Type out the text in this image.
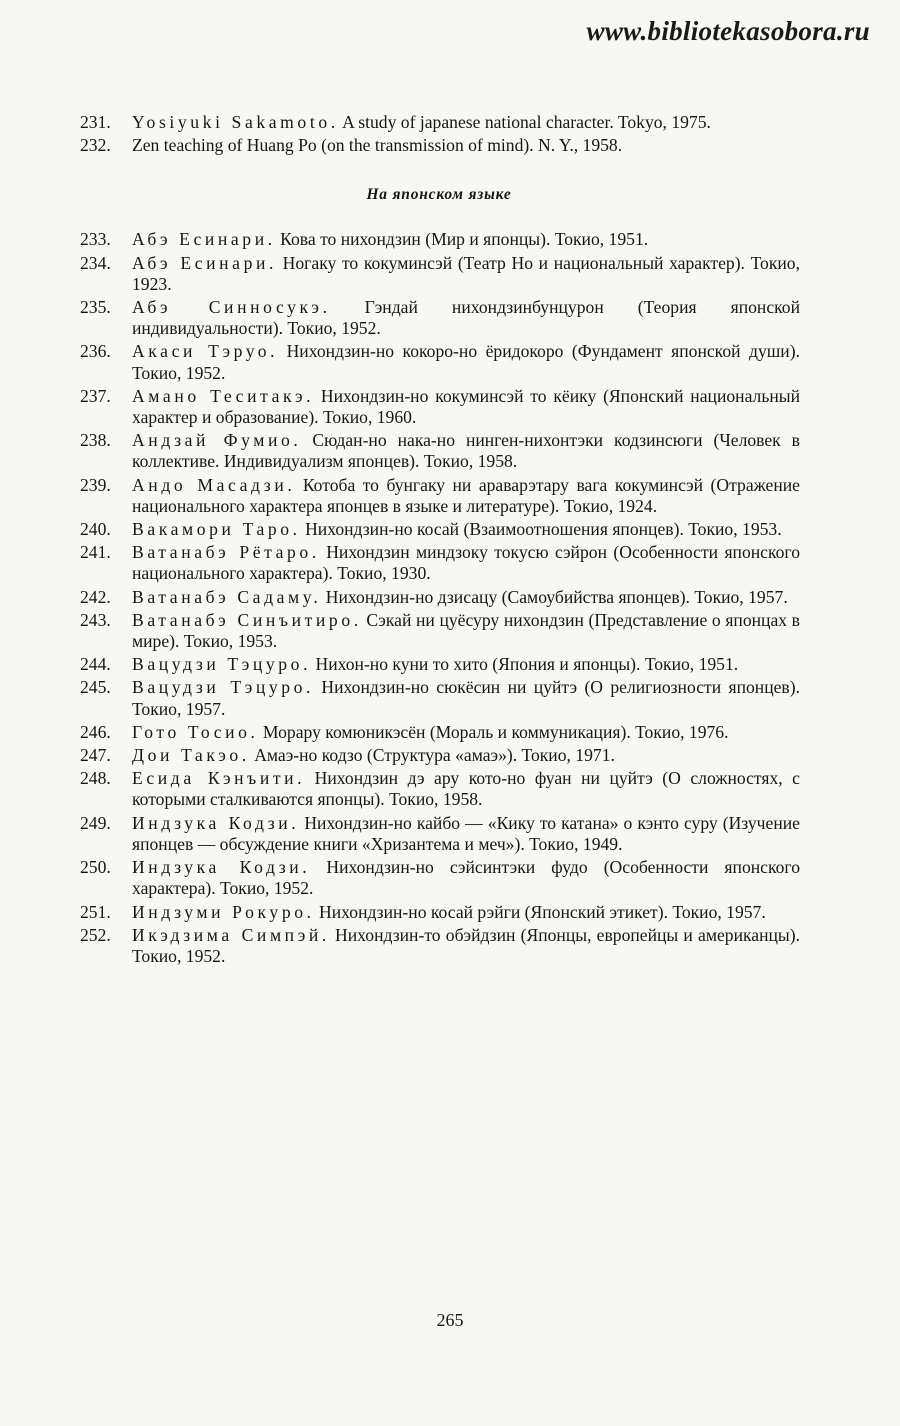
www.bibliotekasobora.ru
231.	Yosiyuki Sakamoto. A study of japanese national character. Tokyo, 1975.
232.	Zen teaching of Huang Po (on the transmission of mind). N. Y., 1958.
На японском языке
233.	Абэ Есинари. Кова то нихондзин (Мир и японцы). Токио, 1951.
234.	Абэ Есинари. Ногаку то кокуминсэй (Театр Но и национальный характер). Токио, 1923.
235.	Абэ Синносукэ. Гэндай нихондзинбунцурон (Теория японской индивидуальности). Токио, 1952.
236.	Акаси Тэруо. Нихондзин-но кокоро-но ёридокоро (Фундамент японской души). Токио, 1952.
237.	Амано Теситакэ. Нихондзин-но кокуминсэй то кёику (Японский национальный характер и образование). Токио, 1960.
238.	Андзай Фумио. Сюдан-но нака-но нинген-нихонтэки кодзинсюги (Человек в коллективе. Индивидуализм японцев). Токио, 1958.
239.	Андо Масадзи. Котоба то бунгаку ни араварэтару вага кокуминсэй (Отражение национального характера японцев в языке и литературе). Токио, 1924.
240.	Вакамори Таро. Нихондзин-но косай (Взаимоотношения японцев). Токио, 1953.
241.	Ватанабэ Рётаро. Нихондзин миндзоку токусю сэйрон (Особенности японского национального характера). Токио, 1930.
242.	Ватанабэ Садаму. Нихондзин-но дзисацу (Самоубийства японцев). Токио, 1957.
243.	Ватанабэ Синъитиро. Сэкай ни цуёсуру нихондзин (Представление о японцах в мире). Токио, 1953.
244.	Вацудзи Тэцуро. Нихон-но куни то хито (Япония и японцы). Токио, 1951.
245.	Вацудзи Тэцуро. Нихондзин-но сюкёсин ни цуйтэ (О религиозности японцев). Токио, 1957.
246.	Гото Тосио. Морару комюникэсён (Мораль и коммуникация). Токио, 1976.
247.	Дои Такэо. Амаэ-но кодзо (Структура «амаэ»). Токио, 1971.
248.	Есида Кэнъити. Нихондзин дэ ару кото-но фуан ни цуйтэ (О сложностях, с которыми сталкиваются японцы). Токио, 1958.
249.	Индзука Кодзи. Нихондзин-но кайбо — «Кику то катана» о кэнто суру (Изучение японцев — обсуждение книги «Хризантема и меч»). Токио, 1949.
250.	Индзука Кодзи. Нихондзин-но сэйсинтэки фудо (Особенности японского характера). Токио, 1952.
251.	Индзуми Рокуро. Нихондзин-но косай рэйги (Японский этикет). Токио, 1957.
252.	Икэдзима Симпэй. Нихондзин-то обэйдзин (Японцы, европейцы и американцы). Токио, 1952.
265
